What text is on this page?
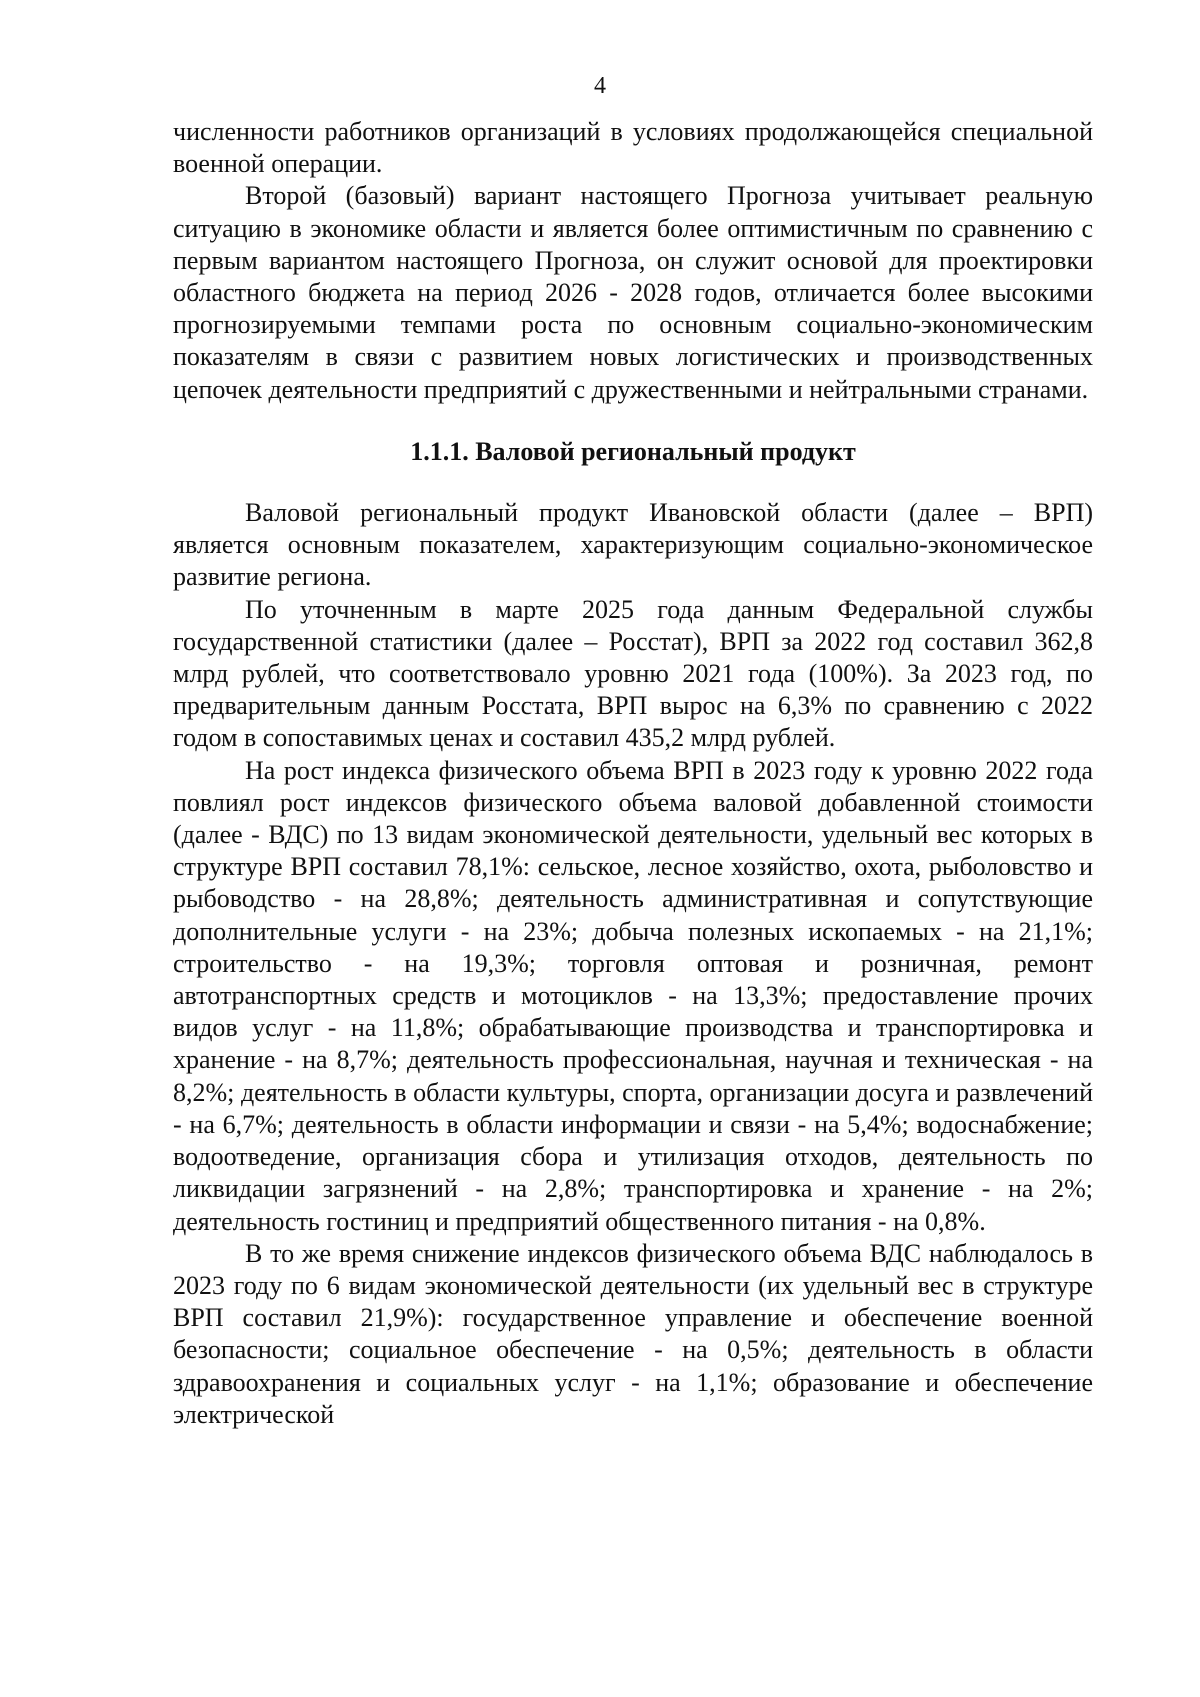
4

численности работников организаций в условиях продолжающейся специальной военной операции.

Второй (базовый) вариант настоящего Прогноза учитывает реальную ситуацию в экономике области и является более оптимистичным по сравнению с первым вариантом настоящего Прогноза, он служит основой для проектировки областного бюджета на период 2026 - 2028 годов, отличается более высокими прогнозируемыми темпами роста по основным социально-экономическим показателям в связи с развитием новых логистических и производственных цепочек деятельности предприятий с дружественными и нейтральными странами.

1.1.1. Валовой региональный продукт

Валовой региональный продукт Ивановской области (далее – ВРП) является основным показателем, характеризующим социально-экономическое развитие региона.

По уточненным в марте 2025 года данным Федеральной службы государственной статистики (далее – Росстат), ВРП за 2022 год составил 362,8 млрд рублей, что соответствовало уровню 2021 года (100%). За 2023 год, по предварительным данным Росстата, ВРП вырос на 6,3% по сравнению с 2022 годом в сопоставимых ценах и составил 435,2 млрд рублей.

На рост индекса физического объема ВРП в 2023 году к уровню 2022 года повлиял рост индексов физического объема валовой добавленной стоимости (далее - ВДС) по 13 видам экономической деятельности, удельный вес которых в структуре ВРП составил 78,1%: сельское, лесное хозяйство, охота, рыболовство и рыбоводство - на 28,8%; деятельность административная и сопутствующие дополнительные услуги - на 23%; добыча полезных ископаемых - на 21,1%; строительство - на 19,3%; торговля оптовая и розничная, ремонт автотранспортных средств и мотоциклов - на 13,3%; предоставление прочих видов услуг - на 11,8%; обрабатывающие производства и транспортировка и хранение - на 8,7%; деятельность профессиональная, научная и техническая - на 8,2%; деятельность в области культуры, спорта, организации досуга и развлечений - на 6,7%; деятельность в области информации и связи - на 5,4%; водоснабжение; водоотведение, организация сбора и утилизация отходов, деятельность по ликвидации загрязнений - на 2,8%; транспортировка и хранение - на 2%; деятельность гостиниц и предприятий общественного питания - на 0,8%.

В то же время снижение индексов физического объема ВДС наблюдалось в 2023 году по 6 видам экономической деятельности (их удельный вес в структуре ВРП составил 21,9%): государственное управление и обеспечение военной безопасности; социальное обеспечение - на 0,5%; деятельность в области здравоохранения и социальных услуг - на 1,1%; образование и обеспечение электрической
